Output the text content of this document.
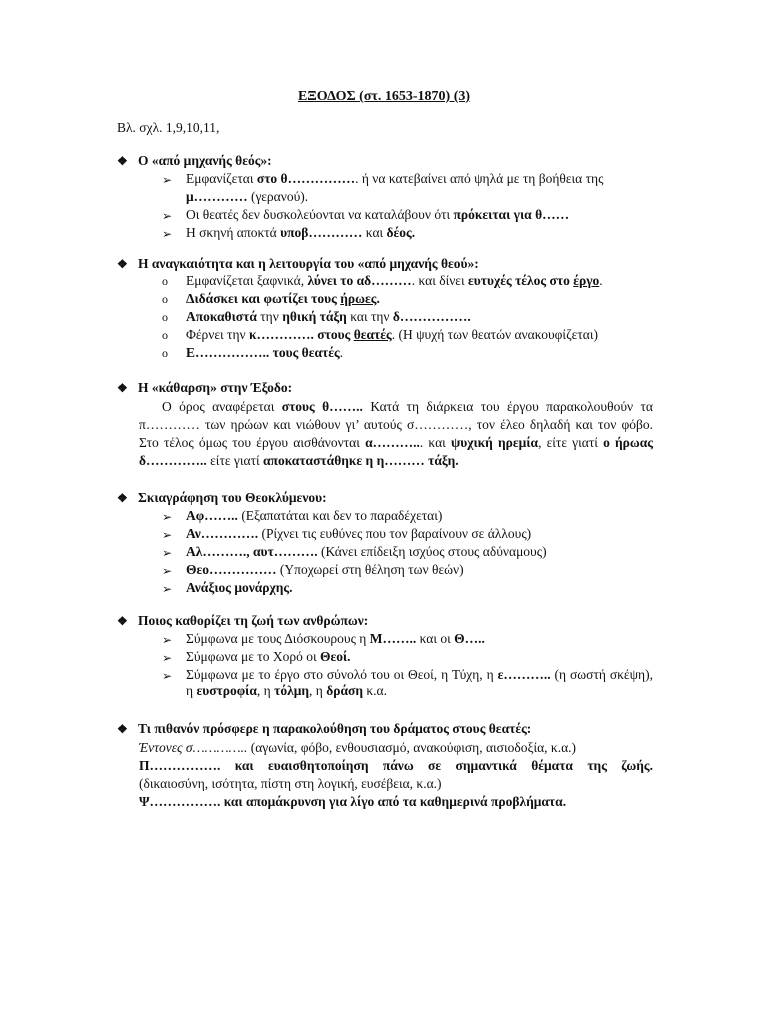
ΕΞΟΔΟΣ (στ. 1653-1870) (3)
Βλ. σχλ. 1,9,10,11,
❖ Ο «από μηχανής θεός»:
➢ Εμφανίζεται στο θ……………. ή να κατεβαίνει από ψηλά με τη βοήθεια της
μ………… (γερανού).
➢ Οι θεατές δεν δυσκολεύονται να καταλάβουν ότι πρόκειται για θ……
➢ Η σκηνή αποκτά υποβ………… και δέος.
❖ Η αναγκαιότητα και η λειτουργία του «από μηχανής θεού»:
o Εμφανίζεται ξαφνικά, λύνει το αδ………. και δίνει ευτυχές τέλος στο έργο.
o Διδάσκει και φωτίζει τους ήρωες.
o Αποκαθιστά την ηθική τάξη και την δ…………….
o Φέρνει την κ…………. στους θεατές. (Η ψυχή των θεατών ανακουφίζεται)
o Ε…………….. τους θεατές.
❖ Η «κάθαρση» στην Έξοδο:
Ο όρος αναφέρεται στους θ…….. Κατά τη διάρκεια του έργου παρακολουθούν τα π………… των ηρώων και νιώθουν γι’ αυτούς σ…………, τον έλεο δηλαδή και τον φόβο. Στο τέλος όμως του έργου αισθάνονται α………... και ψυχική ηρεμία, είτε γιατί ο ήρωας δ………….. είτε γιατί αποκαταστάθηκε η η……… τάξη.
❖ Σκιαγράφηση του Θεοκλύμενου:
➢ Αφ…….. (Εξαπατάται και δεν το παραδέχεται)
➢ Αν…………. (Ρίχνει τις ευθύνες που τον βαραίνουν σε άλλους)
➢ Αλ………., αυτ………. (Κάνει επίδειξη ισχύος στους αδύναμους)
➢ Θεο…………… (Υποχωρεί στη θέληση των θεών)
➢ Ανάξιος μονάρχης.
❖ Ποιος καθορίζει τη ζωή των ανθρώπων:
➢ Σύμφωνα με τους Διόσκουρους η Μ…….. και οι Θ…..
➢ Σύμφωνα με το Χορό οι Θεοί.
➢ Σύμφωνα με το έργο στο σύνολό του οι Θεοί, η Τύχη, η ε……….. (η σωστή σκέψη), η ευστροφία, η τόλμη, η δράση κ.α.
❖ Τι πιθανόν πρόσφερε η παρακολούθηση του δράματος στους θεατές:
Έντονες σ………….. (αγωνία, φόβο, ενθουσιασμό, ανακούφιση, αισιοδοξία, κ.α.)
Π……………. και ευαισθητοποίηση πάνω σε σημαντικά θέματα της ζωής.
(δικαιοσύνη, ισότητα, πίστη στη λογική, ευσέβεια, κ.α.)
Ψ……………. και απομάκρυνση για λίγο από τα καθημερινά προβλήματα.
